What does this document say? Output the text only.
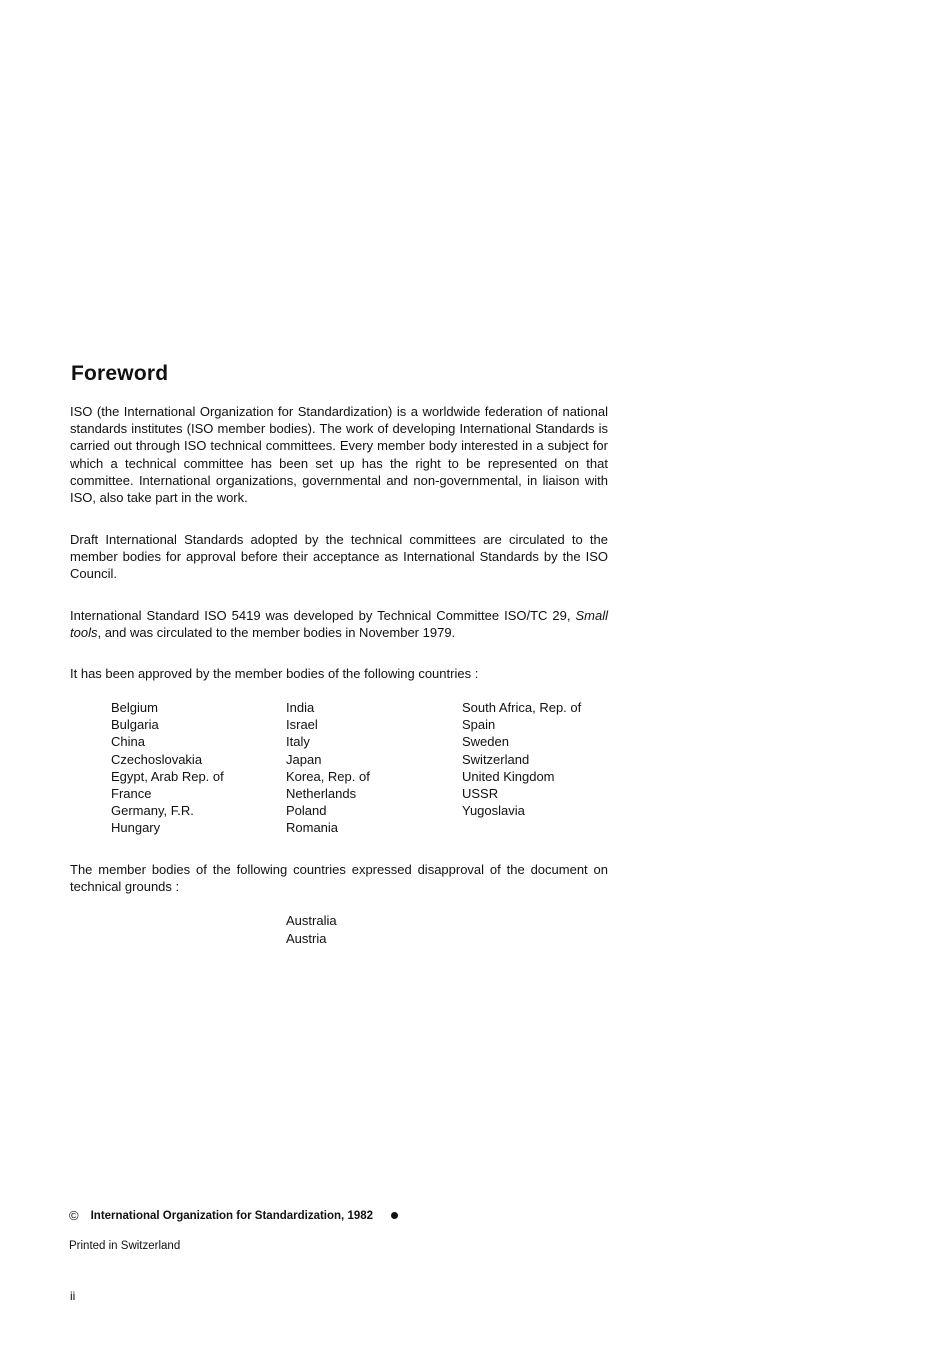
Foreword

ISO (the International Organization for Standardization) is a worldwide federation of national standards institutes (ISO member bodies). The work of developing International Standards is carried out through ISO technical committees. Every member body interested in a subject for which a technical committee has been set up has the right to be represented on that committee. International organizations, governmental and non-governmental, in liaison with ISO, also take part in the work.

Draft International Standards adopted by the technical committees are circulated to the member bodies for approval before their acceptance as International Standards by the ISO Council.

International Standard ISO 5419 was developed by Technical Committee ISO/TC 29, Small tools, and was circulated to the member bodies in November 1979.

It has been approved by the member bodies of the following countries :

Belgium
Bulgaria
China
Czechoslovakia
Egypt, Arab Rep. of
France
Germany, F.R.
Hungary
India
Israel
Italy
Japan
Korea, Rep. of
Netherlands
Poland
Romania
South Africa, Rep. of
Spain
Sweden
Switzerland
United Kingdom
USSR
Yugoslavia

The member bodies of the following countries expressed disapproval of the document on technical grounds :

Australia
Austria
© International Organization for Standardization, 1982
Printed in Switzerland
ii
